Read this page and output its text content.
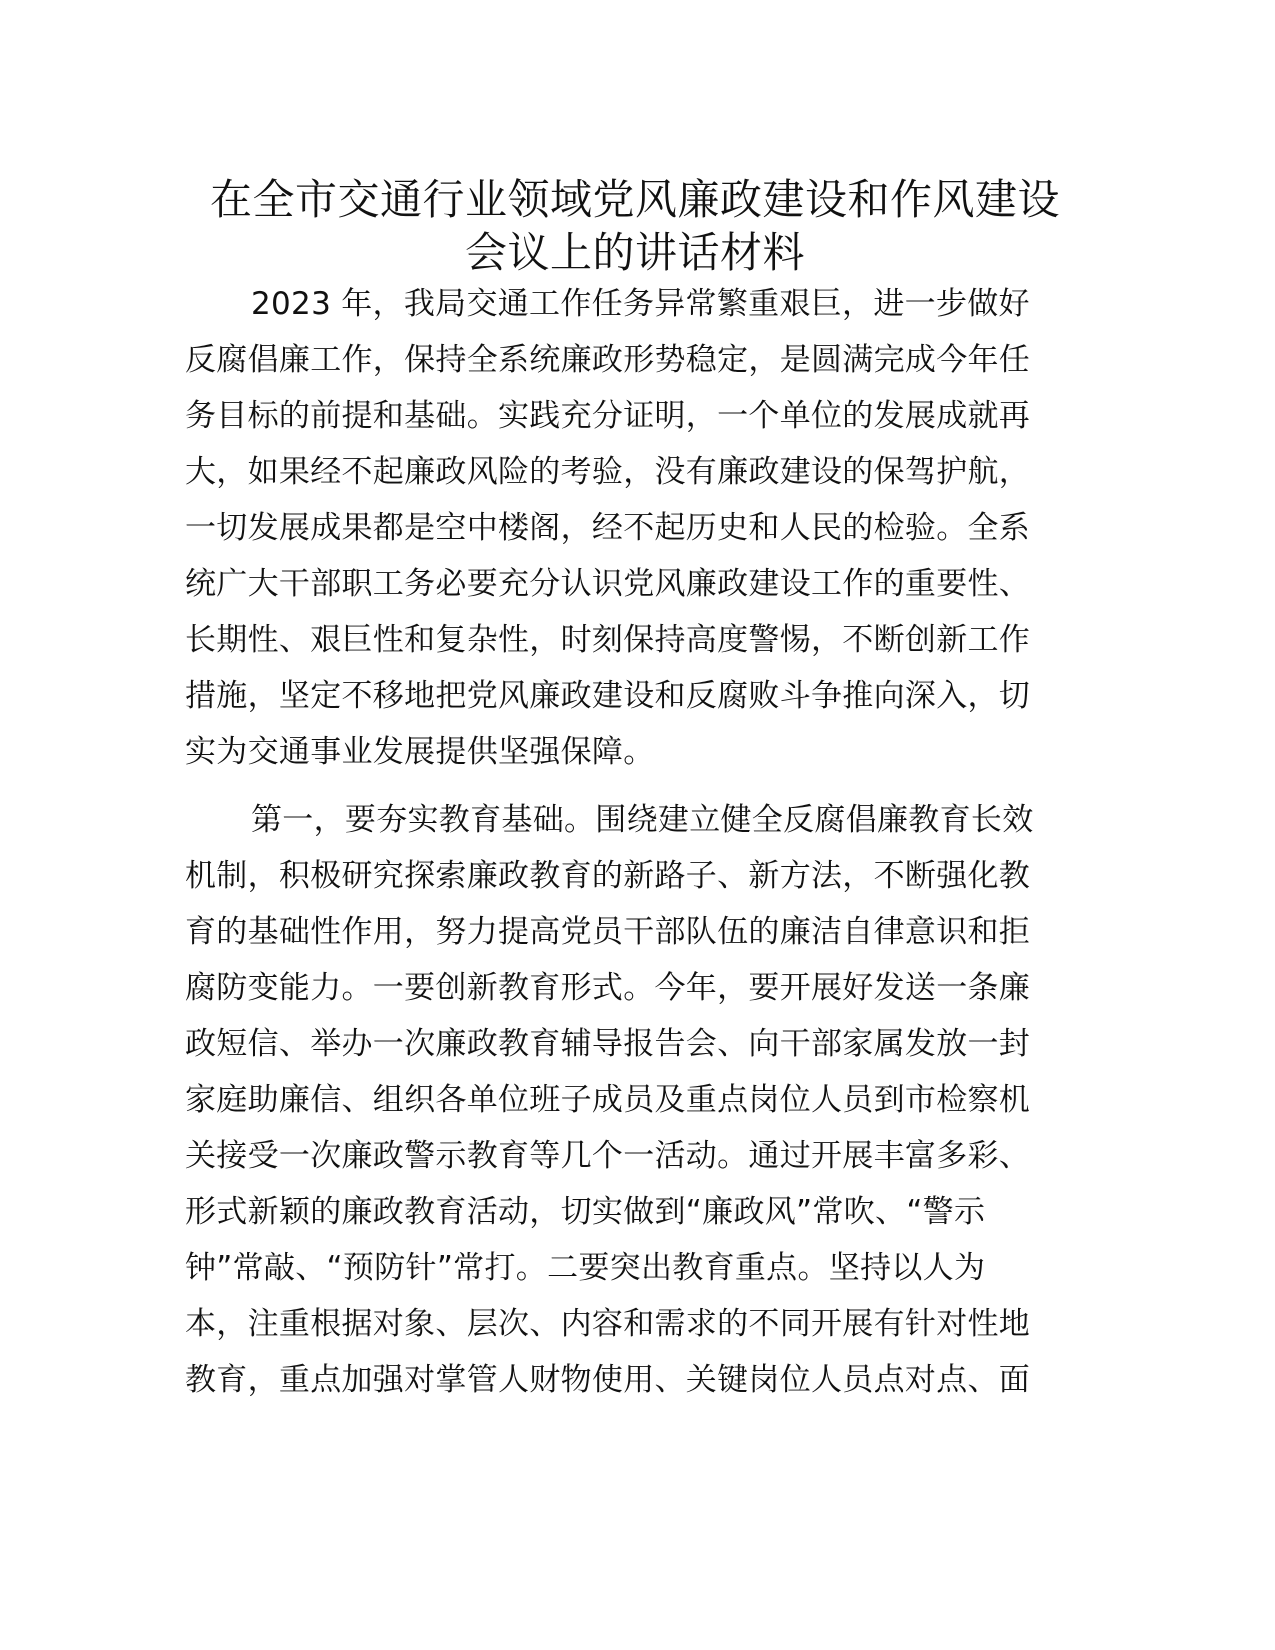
在全市交通行业领域党风廉政建设和作风建设
会议上的讲话材料
2023 年，我局交通工作任务异常繁重艰巨，进一步做好
反腐倡廉工作，保持全系统廉政形势稳定，是圆满完成今年任
务目标的前提和基础。实践充分证明，一个单位的发展成就再
大，如果经不起廉政风险的考验，没有廉政建设的保驾护航，
一切发展成果都是空中楼阁，经不起历史和人民的检验。全系
统广大干部职工务必要充分认识党风廉政建设工作的重要性、
长期性、艰巨性和复杂性，时刻保持高度警惕，不断创新工作
措施，坚定不移地把党风廉政建设和反腐败斗争推向深入，切
实为交通事业发展提供坚强保障。
第一，要夯实教育基础。围绕建立健全反腐倡廉教育长效
机制，积极研究探索廉政教育的新路子、新方法，不断强化教
育的基础性作用，努力提高党员干部队伍的廉洁自律意识和拒
腐防变能力。一要创新教育形式。今年，要开展好发送一条廉
政短信、举办一次廉政教育辅导报告会、向干部家属发放一封
家庭助廉信、组织各单位班子成员及重点岗位人员到市检察机
关接受一次廉政警示教育等几个一活动。通过开展丰富多彩、
形式新颖的廉政教育活动，切实做到“廉政风”常吹、“警示
钟”常敲、“预防针”常打。二要突出教育重点。坚持以人为
本，注重根据对象、层次、内容和需求的不同开展有针对性地
教育，重点加强对掌管人财物使用、关键岗位人员点对点、面
